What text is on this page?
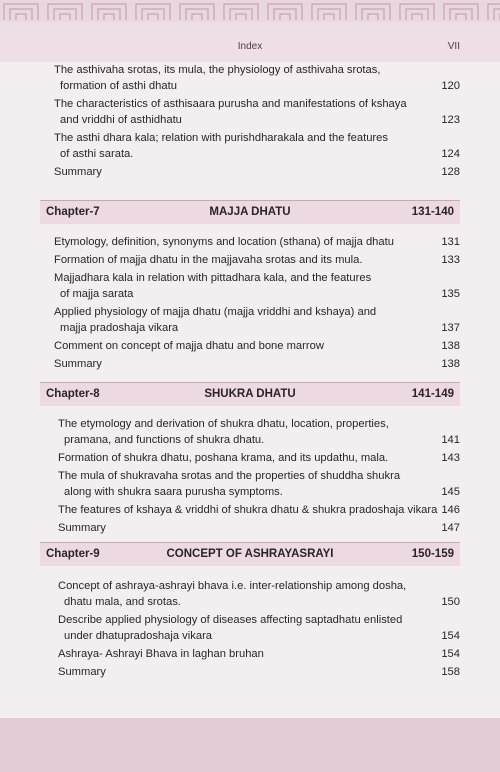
Index	VII
The asthivaha srotas, its mula, the physiology of asthivaha srotas,
formation of asthi dhatu	120
The characteristics of asthisaara purusha and manifestations of kshaya
and vriddhi of asthidhatu	123
The asthi dhara kala; relation with purishdharakala and the features
of asthi sarata.	124
Summary	128
Chapter-7	MAJJA DHATU	131-140
Etymology, definition, synonyms and location (sthana) of majja dhatu	131
Formation of majja dhatu in the majjavaha srotas and its mula.	133
Majjadhara kala in relation with pittadhara kala, and the features
of majja sarata	135
Applied physiology of majja dhatu (majja vriddhi and kshaya) and
majja pradoshaja vikara	137
Comment on concept of majja dhatu and bone marrow	138
Summary	138
Chapter-8	SHUKRA DHATU	141-149
The etymology and derivation of shukra dhatu, location, properties,
pramana, and functions of shukra dhatu.	141
Formation of shukra dhatu, poshana krama, and its updathu, mala.	143
The mula of shukravaha srotas and the properties of shuddha shukra
along with shukra saara purusha symptoms.	145
The features of kshaya & vriddhi of shukra dhatu & shukra pradoshaja vikara 146
Summary	147
Chapter-9	CONCEPT OF ASHRAYASRAYI	150-159
Concept of ashraya-ashrayi bhava i.e. inter-relationship among dosha,
dhatu mala, and srotas.	150
Describe applied physiology of diseases affecting saptadhatu enlisted
under dhatupradoshaja vikara	154
Ashraya- Ashrayi Bhava in laghan bruhan	154
Summary	158
